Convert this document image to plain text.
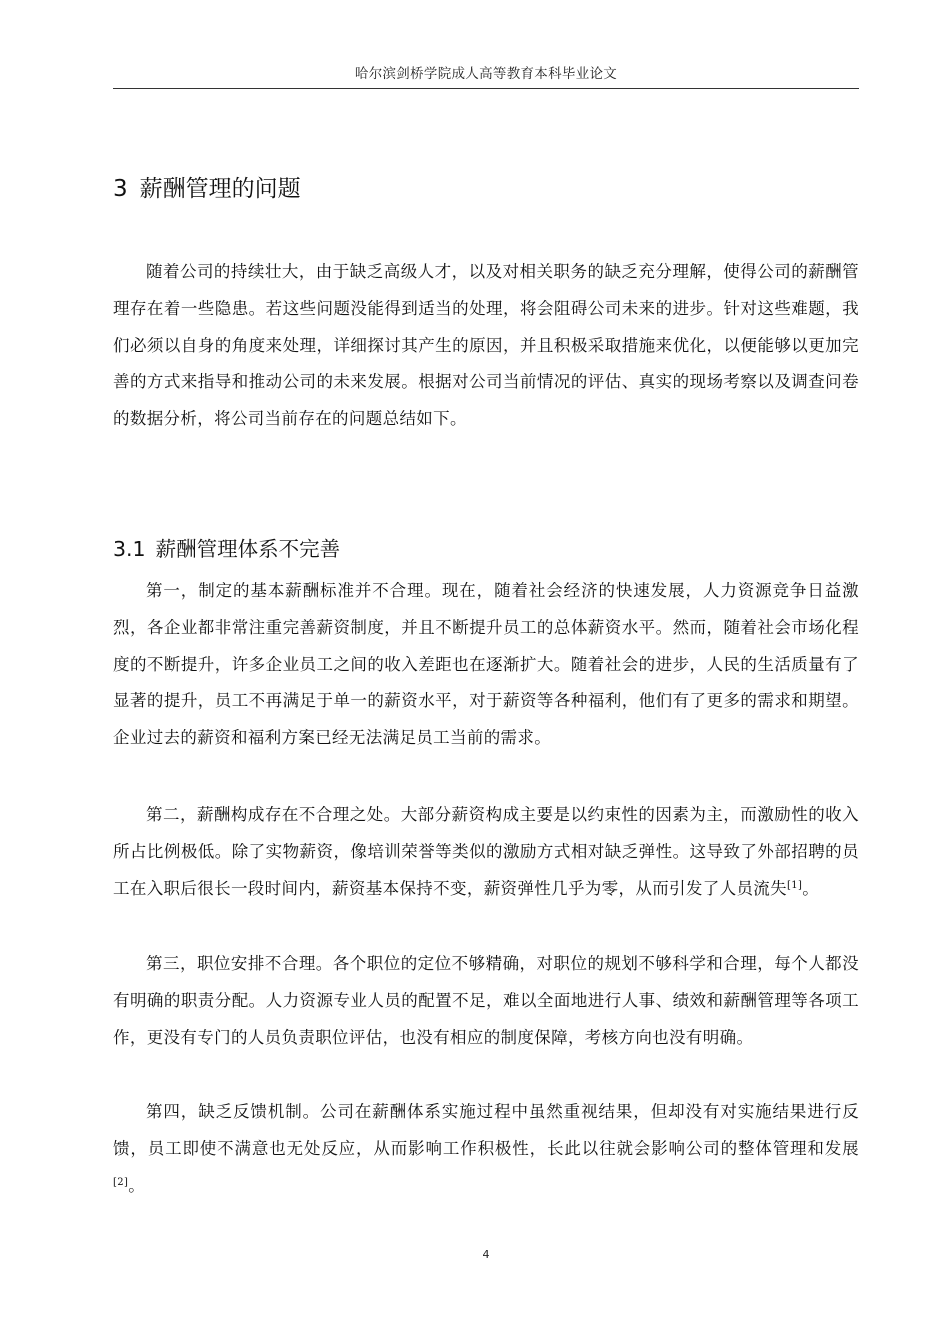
哈尔滨剑桥学院成人高等教育本科毕业论文
3 薪酬管理的问题

随着公司的持续壮大，由于缺乏高级人才，以及对相关职务的缺乏充分理解，使得公司的薪酬管理存在着一些隐患。若这些问题没能得到适当的处理，将会阻碍公司未来的进步。针对这些难题，我们必须以自身的角度来处理，详细探讨其产生的原因，并且积极采取措施来优化，以便能够以更加完善的方式来指导和推动公司的未来发展。根据对公司当前情况的评估、真实的现场考察以及调查问卷的数据分析，将公司当前存在的问题总结如下。

3.1 薪酬管理体系不完善

第一，制定的基本薪酬标准并不合理。现在，随着社会经济的快速发展，人力资源竞争日益激烈，各企业都非常注重完善薪资制度，并且不断提升员工的总体薪资水平。然而，随着社会市场化程度的不断提升，许多企业员工之间的收入差距也在逐渐扩大。随着社会的进步，人民的生活质量有了显著的提升，员工不再满足于单一的薪资水平，对于薪资等各种福利，他们有了更多的需求和期望。企业过去的薪资和福利方案已经无法满足员工当前的需求。

第二，薪酬构成存在不合理之处。大部分薪资构成主要是以约束性的因素为主，而激励性的收入所占比例极低。除了实物薪资，像培训荣誉等类似的激励方式相对缺乏弹性。这导致了外部招聘的员工在入职后很长一段时间内，薪资基本保持不变，薪资弹性几乎为零，从而引发了人员流失[1]。

第三，职位安排不合理。各个职位的定位不够精确，对职位的规划不够科学和合理，每个人都没有明确的职责分配。人力资源专业人员的配置不足，难以全面地进行人事、绩效和薪酬管理等各项工作，更没有专门的人员负责职位评估，也没有相应的制度保障，考核方向也没有明确。

第四，缺乏反馈机制。公司在薪酬体系实施过程中虽然重视结果，但却没有对实施结果进行反馈，员工即使不满意也无处反应，从而影响工作积极性，长此以往就会影响公司的整体管理和发展[2]。

4
